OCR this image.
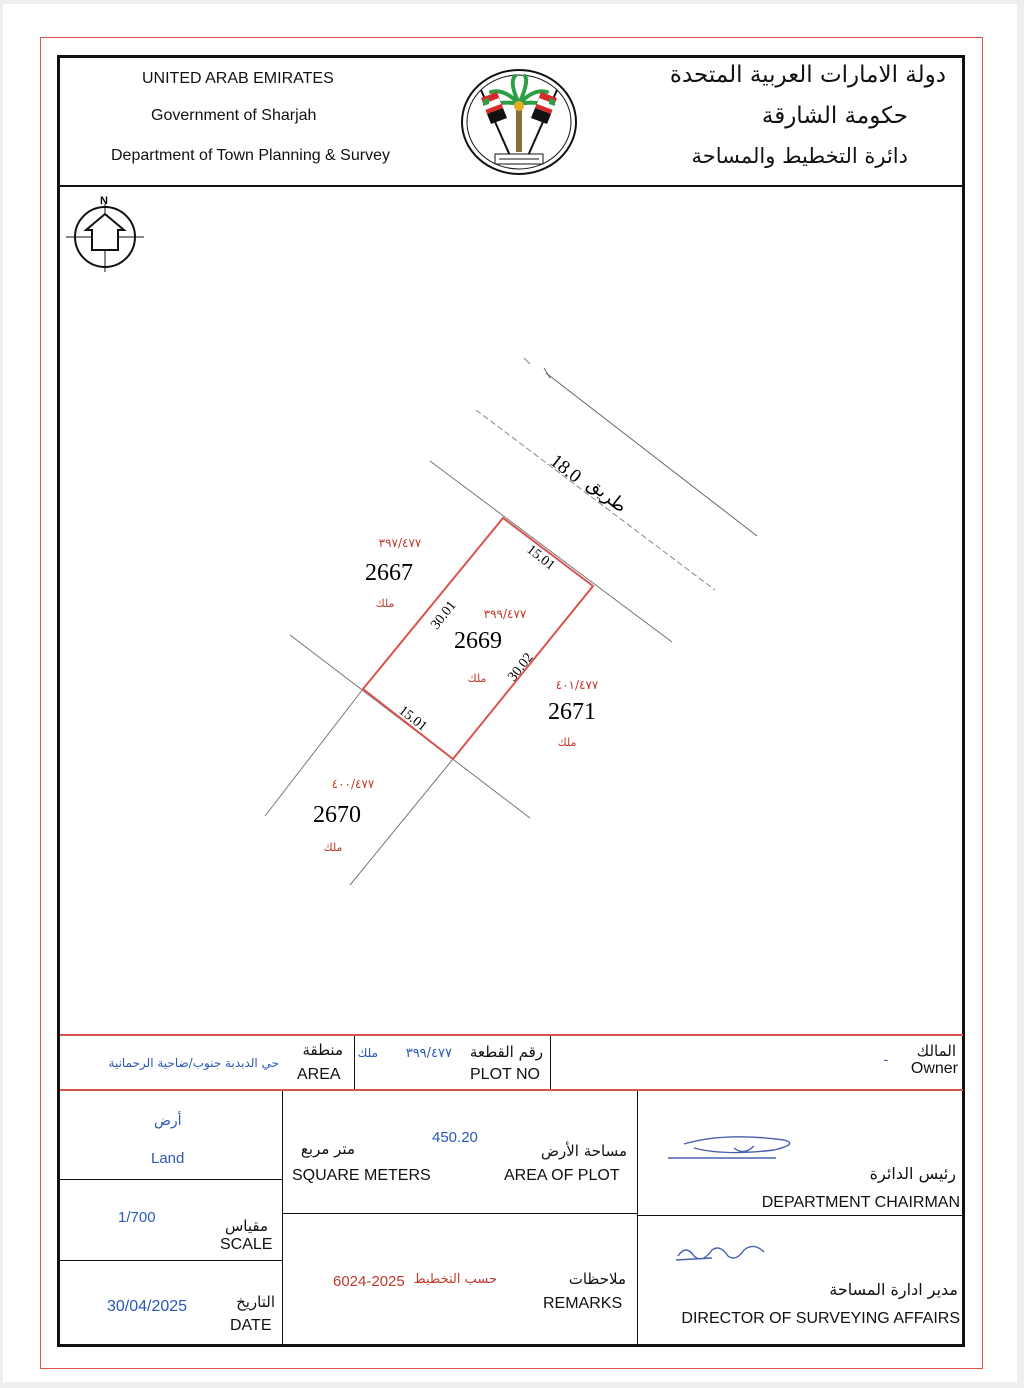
UNITED ARAB EMIRATES
Government of Sharjah
Department of Town Planning & Survey
دولة الامارات العربية المتحدة
حكومة الشارقة
دائرة التخطيط والمساحة
N
15.01
30.01
30.02
15.01
18.0
طريق
٣٩٩/٤٧٧
2669
ملك
٣٩٧/٤٧٧
2667
ملك
٤٠١/٤٧٧
2671
ملك
٤٠٠/٤٧٧
2670
ملك
المالك
Owner
ـ
رقم القطعة
PLOT NO
٣٩٩/٤٧٧
ملك
منطقة
AREA
حي الدبدبة جنوب/ضاحية الرحمانية
أرض
Land
1/700	مقياس
SCALE
30/04/2025	التاريخ
DATE
مساحة الأرض
AREA OF PLOT
450.20
متر مربع
SQUARE METERS
ملاحظات
REMARKS
6024-2025 حسب التخطيط
رئيس الدائرة
DEPARTMENT CHAIRMAN
مدير ادارة المساحة
DIRECTOR OF SURVEYING AFFAIRS
